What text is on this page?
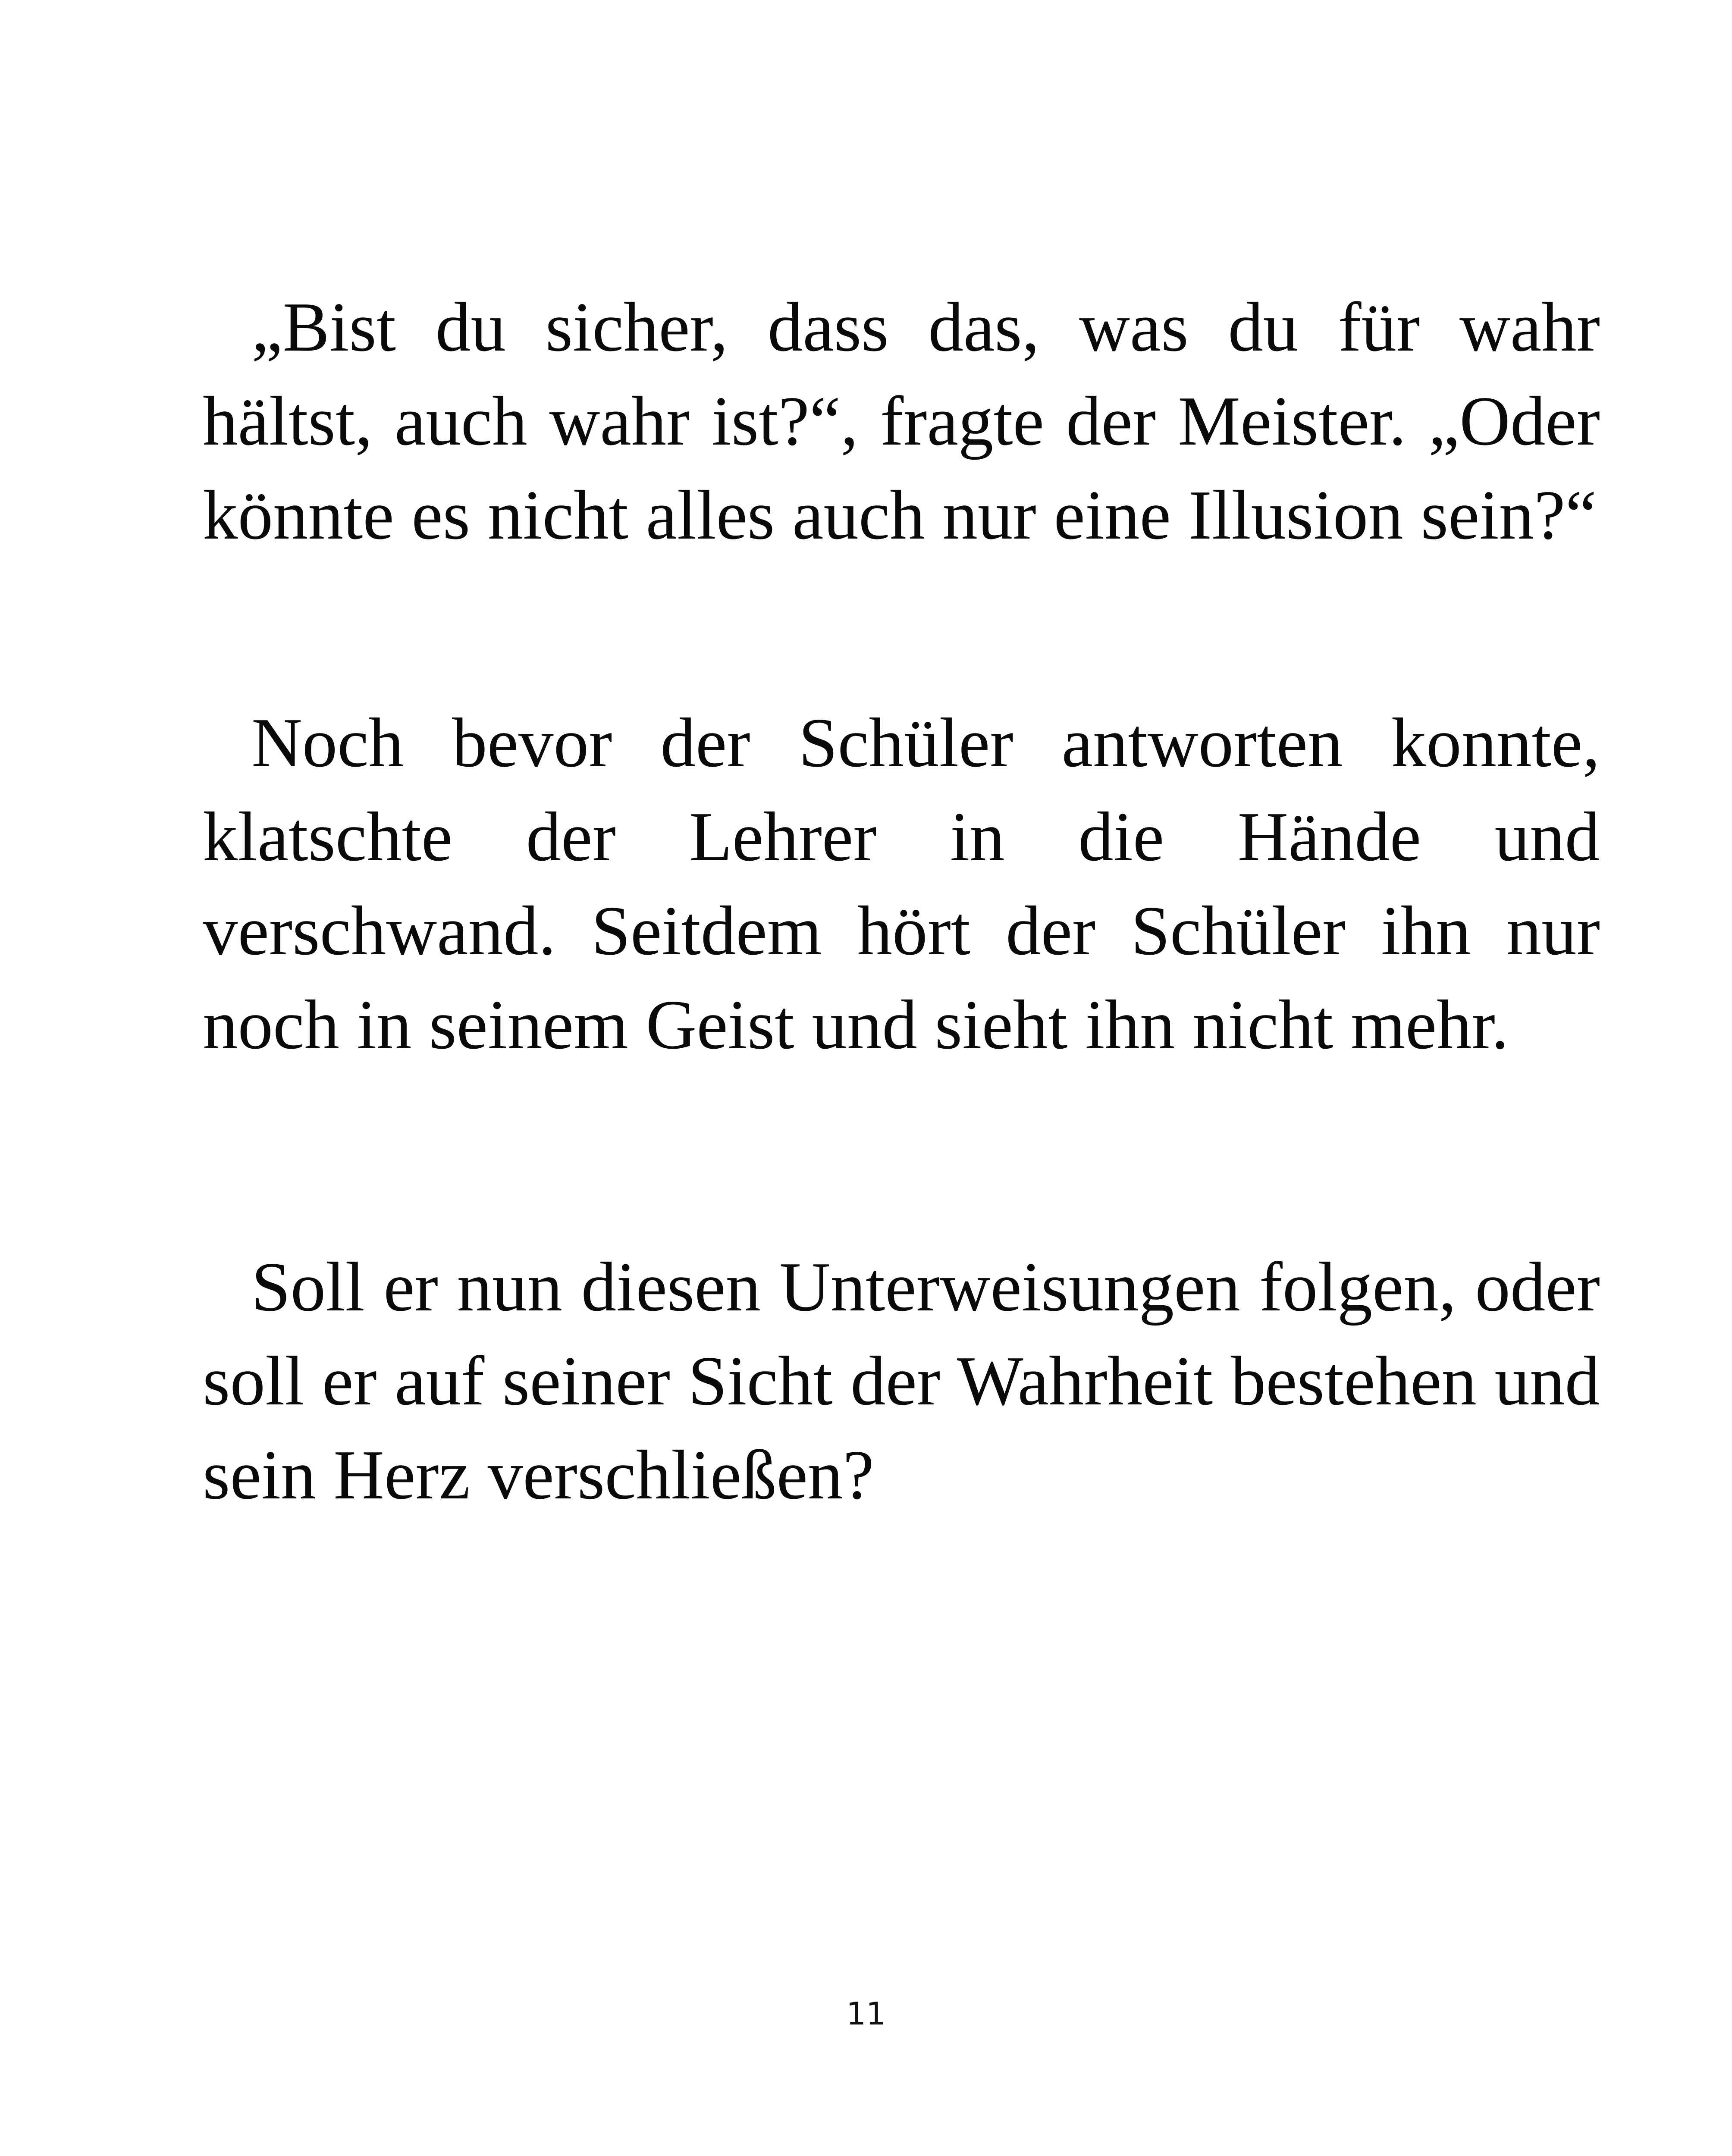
„Bist du sicher, dass das, was du für wahr hältst, auch wahr ist?“, fragte der Meister. „Oder könnte es nicht alles auch nur eine Illusion sein?“

Noch bevor der Schüler antworten konnte, klatschte der Lehrer in die Hände und verschwand. Seitdem hört der Schüler ihn nur noch in seinem Geist und sieht ihn nicht mehr.

Soll er nun diesen Unterweisungen folgen, oder soll er auf seiner Sicht der Wahrheit bestehen und sein Herz verschließen?

11
